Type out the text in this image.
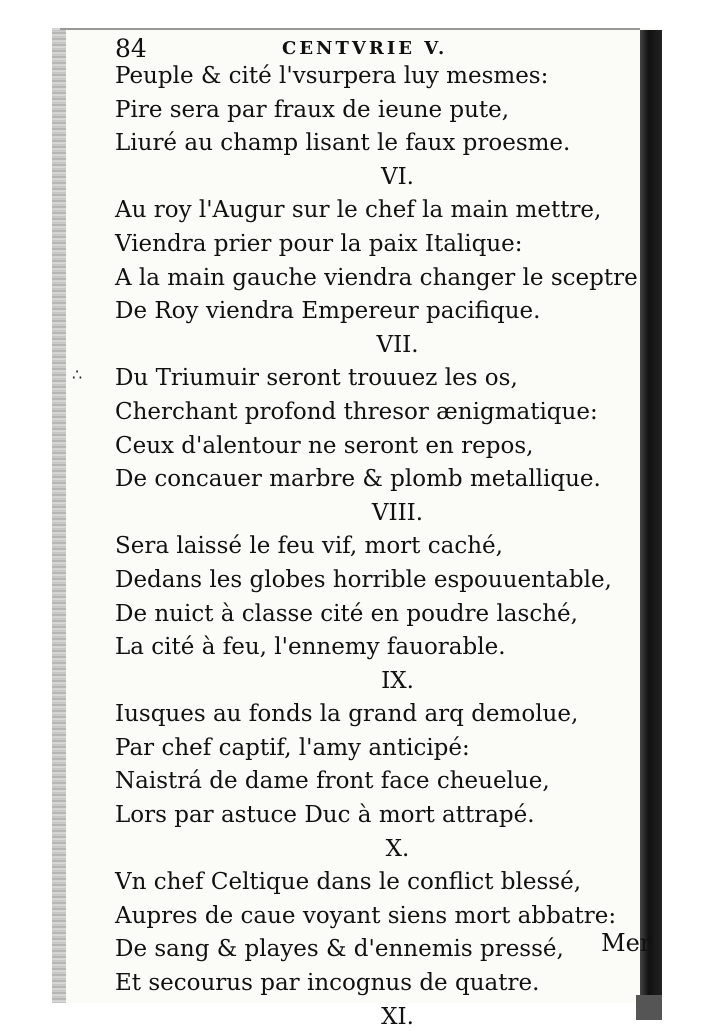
84	CENTVRIE V.
∴
Peuple & cité l'vsurpera luy mesmes:
Pire sera par fraux de ieune pute,
Liuré au champ lisant le faux proesme.
VI.
Au roy l'Augur sur le chef la main mettre,
Viendra prier pour la paix Italique:
A la main gauche viendra changer le sceptre
De Roy viendra Empereur pacifique.
VII.
Du Triumuir seront trouuez les os,
Cherchant profond thresor ænigmatique:
Ceux d'alentour ne seront en repos,
De concauer marbre & plomb metallique.
VIII.
Sera laissé le feu vif, mort caché,
Dedans les globes horrible espouuentable,
De nuict à classe cité en poudre lasché,
La cité à feu, l'ennemy fauorable.
IX.
Iusques au fonds la grand arq demolue,
Par chef captif, l'amy anticipé:
Naistrá de dame front face cheuelue,
Lors par astuce Duc à mort attrapé.
X.
Vn chef Celtique dans le conflict blessé,
Aupres de caue voyant siens mort abbatre:
De sang & playes & d'ennemis pressé,
Et secourus par incognus de quatre.
XI.
Mer
